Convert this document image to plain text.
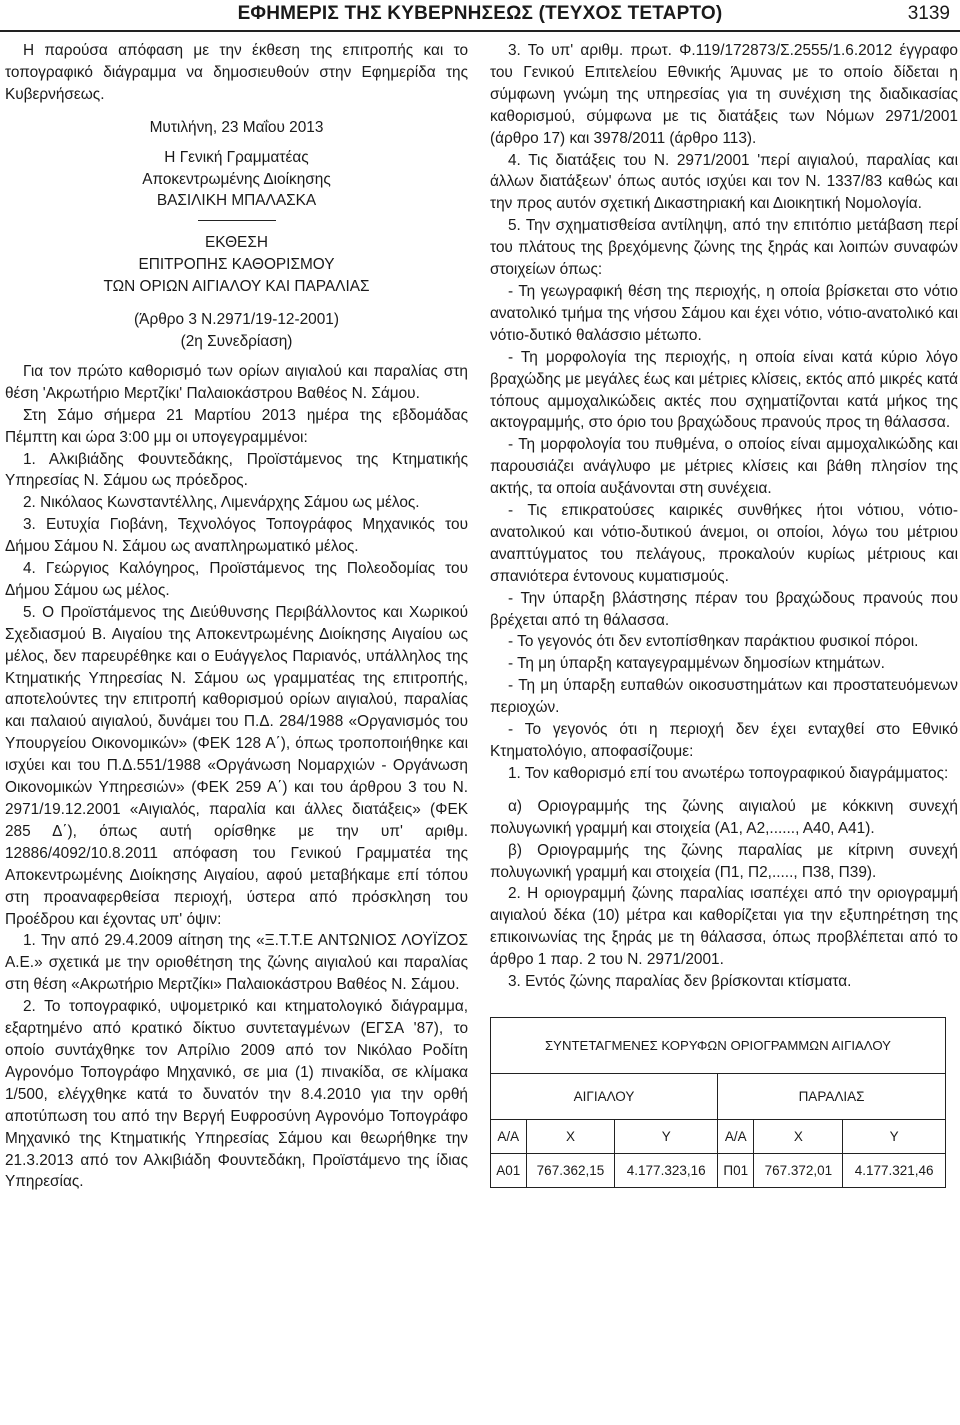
ΕΦΗΜΕΡΙΣ ΤΗΣ ΚΥΒΕΡΝΗΣΕΩΣ (ΤΕΥΧΟΣ ΤΕΤΑΡΤΟ)	3139

Η παρούσα απόφαση με την έκθεση της επιτροπής και το τοπογραφικό διάγραμμα να δημοσιευθούν στην Εφημερίδα της Κυβερνήσεως.

Μυτιλήνη, 23 Μαΐου 2013

Η Γενική Γραμματέας

Αποκεντρωμένης Διοίκησης

ΒΑΣΙΛΙΚΗ ΜΠΑΛΑΣΚΑ

ΕΚΘΕΣΗ

ΕΠΙΤΡΟΠΗΣ ΚΑΘΟΡΙΣΜΟΥ

ΤΩΝ ΟΡΙΩΝ ΑΙΓΙΑΛΟΥ ΚΑΙ ΠΑΡΑΛΙΑΣ

(Άρθρο 3 Ν.2971/19-12-2001)

(2η Συνεδρίαση)

Για τον πρώτο καθορισμό των ορίων αιγιαλού και παραλίας στη θέση 'Ακρωτήριο Μερτζίκι' Παλαιοκάστρου Βαθέος Ν. Σάμου.

Στη Σάμο σήμερα 21 Μαρτίου 2013 ημέρα της εβδομάδας Πέμπτη και ώρα 3:00 μμ οι υπογεγραμμένοι:

1. Αλκιβιάδης Φουντεδάκης, Προϊστάμενος της Κτηματικής Υπηρεσίας Ν. Σάμου ως πρόεδρος.

2. Νικόλαος Κωνσταντέλλης, Λιμενάρχης Σάμου ως μέλος.

3. Ευτυχία Γιοβάνη, Τεχνολόγος Τοπογράφος Μηχανικός του Δήμου Σάμου Ν. Σάμου ως αναπληρωματικό μέλος.

4. Γεώργιος Καλόγηρος, Προϊστάμενος της Πολεοδομίας του Δήμου Σάμου ως μέλος.

5. Ο Προϊστάμενος της Διεύθυνσης Περιβάλλοντος και Χωρικού Σχεδιασμού Β. Αιγαίου της Αποκεντρωμένης Διοίκησης Αιγαίου ως μέλος, δεν παρευρέθηκε και ο Ευάγγελος Παριανός, υπάλληλος της Κτηματικής Υπηρεσίας Ν. Σάμου ως γραμματέας της επιτροπής, αποτελούντες την επιτροπή καθορισμού ορίων αιγιαλού, παραλίας και παλαιού αιγιαλού, δυνάμει του Π.Δ. 284/1988 «Οργανισμός του Υπουργείου Οικονομικών» (ΦΕΚ 128 Α΄), όπως τροποποιήθηκε και ισχύει και του Π.Δ.551/1988 «Οργάνωση Νομαρχιών - Οργάνωση Οικονομικών Υπηρεσιών» (ΦΕΚ 259 Α΄) και του άρθρου 3 του Ν. 2971/19.12.2001 «Αιγιαλός, παραλία και άλλες διατάξεις» (ΦΕΚ 285 Δ΄), όπως αυτή ορίσθηκε με την υπ' αριθμ. 12886/4092/10.8.2011 απόφαση του Γενικού Γραμματέα της Αποκεντρωμένης Διοίκησης Αιγαίου, αφού μεταβήκαμε επί τόπου στη προαναφερθείσα περιοχή, ύστερα από πρόσκληση του Προέδρου και έχοντας υπ' όψιν:

1. Την από 29.4.2009 αίτηση της «Ξ.Τ.Τ.Ε ΑΝΤΩΝΙΟΣ ΛΟΥΪΖΟΣ Α.Ε.» σχετικά με την οριοθέτηση της ζώνης αιγιαλού και παραλίας στη θέση «Ακρωτήριο Μερτζίκι» Παλαιοκάστρου Βαθέος Ν. Σάμου.

2. Το τοπογραφικό, υψομετρικό και κτηματολογικό διάγραμμα, εξαρτημένο από κρατικό δίκτυο συντεταγμένων (ΕΓΣΑ '87), το οποίο συντάχθηκε τον Απρίλιο 2009 από τον Νικόλαο Ροδίτη Αγρονόμο Τοπογράφο Μηχανικό, σε μια (1) πινακίδα, σε κλίμακα 1/500, ελέγχθηκε κατά το δυνατόν την 8.4.2010 για την ορθή αποτύπωση του από την Βεργή Ευφροσύνη Αγρονόμο Τοπογράφο Μηχανικό της Κτηματικής Υπηρεσίας Σάμου και θεωρήθηκε την 21.3.2013 από τον Αλκιβιάδη Φουντεδάκη, Προϊστάμενο της ίδιας Υπηρεσίας.

3. Το υπ' αριθμ. πρωτ. Φ.119/172873/Σ.2555/1.6.2012 έγγραφο του Γενικού Επιτελείου Εθνικής Άμυνας με το οποίο δίδεται η σύμφωνη γνώμη της υπηρεσίας για τη συνέχιση της διαδικασίας καθορισμού, σύμφωνα με τις διατάξεις των Νόμων 2971/2001 (άρθρο 17) και 3978/2011 (άρθρο 113).

4. Τις διατάξεις του Ν. 2971/2001 'περί αιγιαλού, παραλίας και άλλων διατάξεων' όπως αυτός ισχύει και τον Ν. 1337/83 καθώς και την προς αυτόν σχετική Δικαστηριακή και Διοικητική Νομολογία.

5. Την σχηματισθείσα αντίληψη, από την επιτόπιο μετάβαση περί του πλάτους της βρεχόμενης ζώνης της ξηράς και λοιπών συναφών στοιχείων όπως:

- Τη γεωγραφική θέση της περιοχής, η οποία βρίσκεται στο νότιο ανατολικό τμήμα της νήσου Σάμου και έχει νότιο, νότιο-ανατολικό και νότιο-δυτικό θαλάσσιο μέτωπο.

- Τη μορφολογία της περιοχής, η οποία είναι κατά κύριο λόγο βραχώδης με μεγάλες έως και μέτριες κλίσεις, εκτός από μικρές κατά τόπους αμμοχαλικώδεις ακτές που σχηματίζονται κατά μήκος της ακτογραμμής, στο όριο του βραχώδους πρανούς προς τη θάλασσα.

- Τη μορφολογία του πυθμένα, ο οποίος είναι αμμοχαλικώδης και παρουσιάζει ανάγλυφο με μέτριες κλίσεις και βάθη πλησίον της ακτής, τα οποία αυξάνονται στη συνέχεια.

- Τις επικρατούσες καιρικές συνθήκες ήτοι νότιου, νότιο-ανατολικού και νότιο-δυτικού άνεμοι, οι οποίοι, λόγω του μέτριου αναπτύγματος του πελάγους, προκαλούν κυρίως μέτριους και σπανιότερα έντονους κυματισμούς.

- Την ύπαρξη βλάστησης πέραν του βραχώδους πρανούς που βρέχεται από τη θάλασσα.

- Το γεγονός ότι δεν εντοπίσθηκαν παράκτιου φυσικοί πόροι.

- Τη μη ύπαρξη καταγεγραμμένων δημοσίων κτημάτων.

- Τη μη ύπαρξη ευπαθών οικοσυστημάτων και προστατευόμενων περιοχών.

- Το γεγονός ότι η περιοχή δεν έχει ενταχθεί στο Εθνικό Κτηματολόγιο, αποφασίζουμε:

1. Τον καθορισμό επί του ανωτέρω τοπογραφικού διαγράμματος:

α) Οριογραμμής της ζώνης αιγιαλού με κόκκινη συνεχή πολυγωνική γραμμή και στοιχεία (Α1, Α2,......, Α40, Α41).

β) Οριογραμμής της ζώνης παραλίας με κίτρινη συνεχή πολυγωνική γραμμή και στοιχεία (Π1, Π2,....., Π38, Π39).

2. Η οριογραμμή ζώνης παραλίας ισαπέχει από την οριογραμμή αιγιαλού δέκα (10) μέτρα και καθορίζεται για την εξυπηρέτηση της επικοινωνίας της ξηράς με τη θάλασσα, όπως προβλέπεται από το άρθρο 1 παρ. 2 του Ν. 2971/2001.

3. Εντός ζώνης παραλίας δεν βρίσκονται κτίσματα.

ΣΥΝΤΕΤΑΓΜΕΝΕΣ ΚΟΡΥΦΩΝ ΟΡΙΟΓΡΑΜΜΩΝ ΑΙΓΙΑΛΟΥ					
ΑΙΓΙΑΛΟΥ			ΠΑΡΑΛΙΑΣ		
Α/Α	Χ	Υ	Α/Α	Χ	Υ
Α01	767.362,15	4.177.323,16	Π01	767.372,01	4.177.321,46
